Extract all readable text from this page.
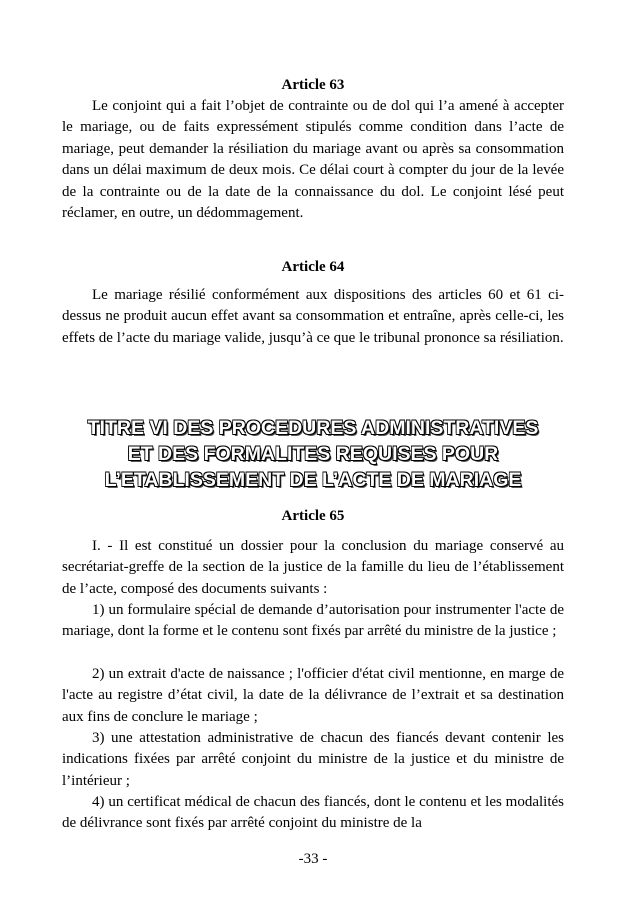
Article 63
Le conjoint qui a fait l’objet de contrainte ou de dol qui l’a amené à accepter le mariage, ou de faits expressément stipulés comme condition dans l’acte de mariage, peut demander la résiliation du mariage avant ou après sa consommation dans un délai maximum de deux mois. Ce délai court à compter du jour de la levée de la contrainte ou de la date de la connaissance du dol. Le conjoint lésé peut réclamer, en outre, un dédommagement.
Article 64
Le mariage résilié conformément aux dispositions des articles 60 et 61 ci-dessus ne produit aucun effet avant sa consommation et entraîne, après celle-ci, les effets de l’acte du mariage valide, jusqu’à ce que le tribunal prononce sa résiliation.
TITRE VI DES PROCEDURES ADMINISTRATIVES
ET DES FORMALITES REQUISES POUR
L’ETABLISSEMENT DE L’ACTE DE MARIAGE
Article 65
I. - Il est constitué un dossier pour la conclusion du mariage conservé au secrétariat-greffe de la section de la justice de la famille du lieu de l’établissement de l’acte, composé des documents suivants :
1) un formulaire spécial de demande d’autorisation pour instrumenter l'acte de mariage, dont la forme et le contenu sont fixés par arrêté du ministre de la justice ;
2) un extrait d'acte de naissance ; l'officier d'état civil mentionne, en marge de l'acte au registre d’état civil, la date de la délivrance de l’extrait et sa destination aux fins de conclure le mariage ;
3) une attestation administrative de chacun des fiancés devant contenir les indications fixées par arrêté conjoint du ministre de la justice et du ministre de l’intérieur ;
4) un certificat médical de chacun des fiancés, dont le contenu et les modalités de délivrance sont fixés par arrêté conjoint du ministre de la
-33 -
